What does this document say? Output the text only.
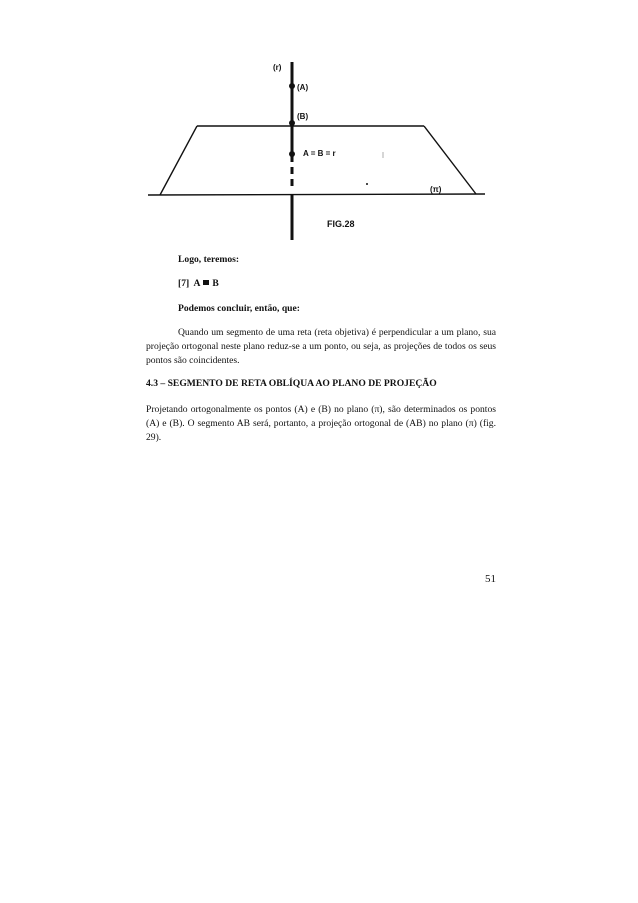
(r)
(A)
(B)
A = B = r
(π)
FIG.28
Logo, teremos:
[7] A B
Podemos concluir, então, que:
Quando um segmento de uma reta (reta objetiva) é perpendicular a um plano, sua projeção ortogonal neste plano reduz-se a um ponto, ou seja, as projeções de todos os seus pontos são coincidentes.
4.3 – SEGMENTO DE RETA OBLÍQUA AO PLANO DE PROJEÇÃO
Projetando ortogonalmente os pontos (A) e (B) no plano (π), são determinados os pontos (A) e (B). O segmento AB será, portanto, a projeção ortogonal de (AB) no plano (π) (fig. 29).
51
